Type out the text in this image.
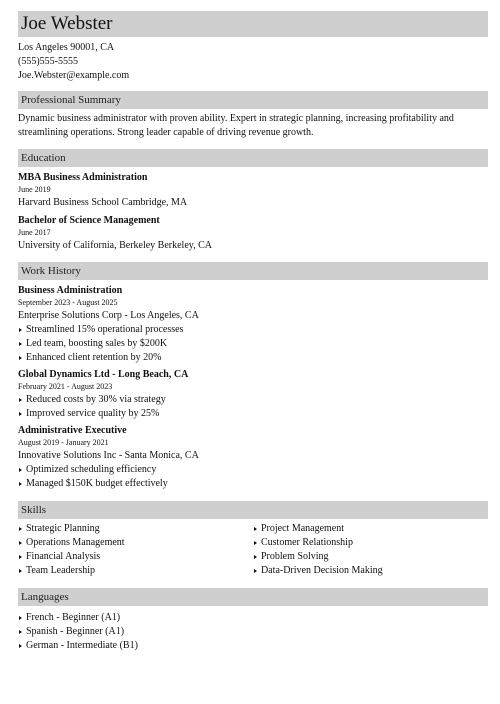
Joe Webster
Los Angeles 90001, CA
(555)555-5555
Joe.Webster@example.com
Professional Summary
Dynamic business administrator with proven ability. Expert in strategic planning, increasing profitability and streamlining operations. Strong leader capable of driving revenue growth.
Education
MBA Business Administration
June 2019
Harvard Business School Cambridge, MA
Bachelor of Science Management
June 2017
University of California, Berkeley Berkeley, CA
Work History
Business Administration
September 2023 - August 2025
Enterprise Solutions Corp - Los Angeles, CA
Streamlined 15% operational processes
Led team, boosting sales by $200K
Enhanced client retention by 20%
Global Dynamics Ltd - Long Beach, CA
February 2021 - August 2023
Reduced costs by 30% via strategy
Improved service quality by 25%
Administrative Executive
August 2019 - January 2021
Innovative Solutions Inc - Santa Monica, CA
Optimized scheduling efficiency
Managed $150K budget effectively
Skills
Strategic Planning
Operations Management
Financial Analysis
Team Leadership
Project Management
Customer Relationship
Problem Solving
Data-Driven Decision Making
Languages
French - Beginner (A1)
Spanish - Beginner (A1)
German - Intermediate (B1)
